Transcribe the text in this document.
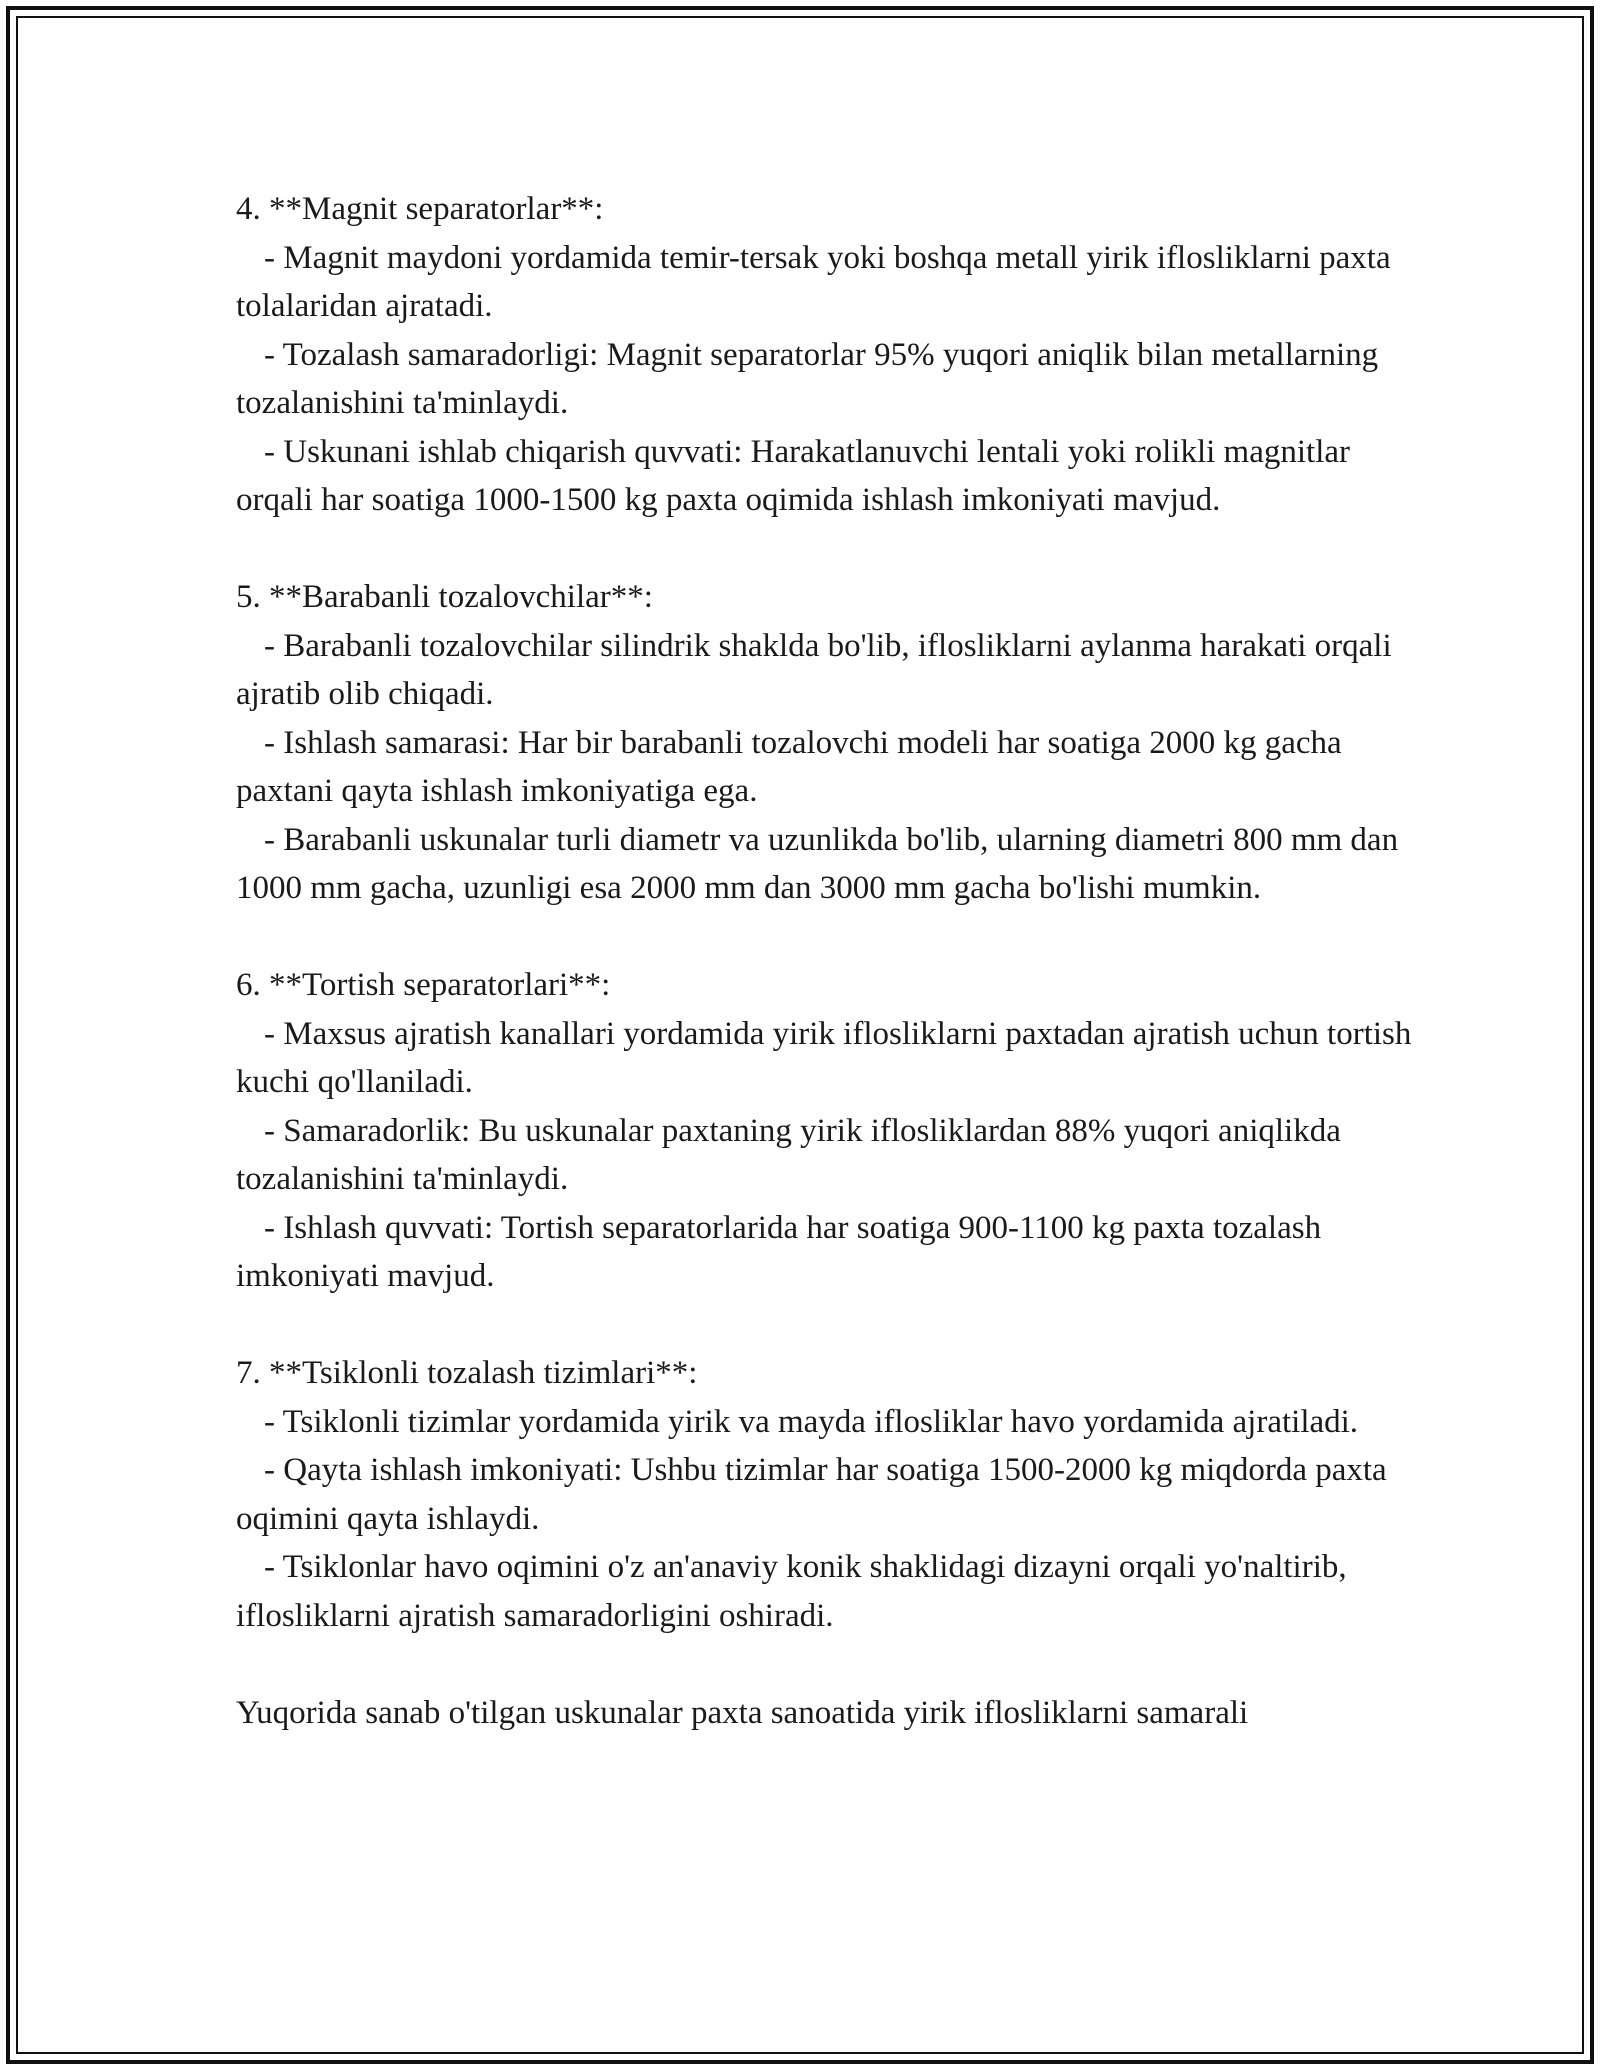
4. **Magnit separatorlar**:

- Magnit maydoni yordamida temir-tersak yoki boshqa metall yirik ifloslikl​arni paxta tolalaridan ajratadi.

- Tozalash samaradorligi: Magnit separatorlar 95% yuqori aniqlik bilan metallarning tozalanishini ta'minlaydi.

- Uskunani ishlab chiqarish quvvati: Harakatlanuvchi lentali yoki rolikli magnitlar orqali har soatiga 1000-1500 kg paxta oqimida ishlash imkoniyati mavjud.

5. **Barabanli tozalovchilar**:

- Barabanli tozalovchilar silindrik shaklda bo'lib, ifloslikl​arni aylanma harakati orqali ajratib olib chiqadi.

- Ishlash samarasi: Har bir barabanli tozalovchi modeli har soatiga 2000 kg gacha paxtani qayta ishlash imkoniyatiga ega.

- Barabanli uskunalar turli diametr va uzunlikda bo'lib, ularning diametri 800 mm dan 1000 mm gacha, uzunligi esa 2000 mm dan 3000 mm gacha bo'lishi mumkin.

6. **Tortish separatorlari**:

- Maxsus ajratish kanallari yordamida yirik ifloslikl​arni paxtadan ajratish uchun tortish kuchi qo'llaniladi.

- Samaradorlik: Bu uskunalar paxtaning yirik ifloslikl​ardan 88% yuqori aniqlikda tozalanishini ta'minlaydi.

- Ishlash quvvati: Tortish separatorlarida har soatiga 900-1100 kg paxta tozalash imkoniyati mavjud.

7. **Tsiklonli tozalash tizimlari**:

- Tsiklonli tizimlar yordamida yirik va mayda ifloslikl​ar havo yordamida ajratiladi.

- Qayta ishlash imkoniyati: Ushbu tizimlar har soatiga 1500-2000 kg miqdorda paxta oqimini qayta ishlaydi.

- Tsiklonlar havo oqimini o'z an'anaviy konik shaklidagi dizayni orqali yo'naltirib, ifloslikl​arni ajratish samaradorligini oshiradi.

Yuqorida sanab o'tilgan uskunalar paxta sanoatida yirik ifloslikl​arni samarali
